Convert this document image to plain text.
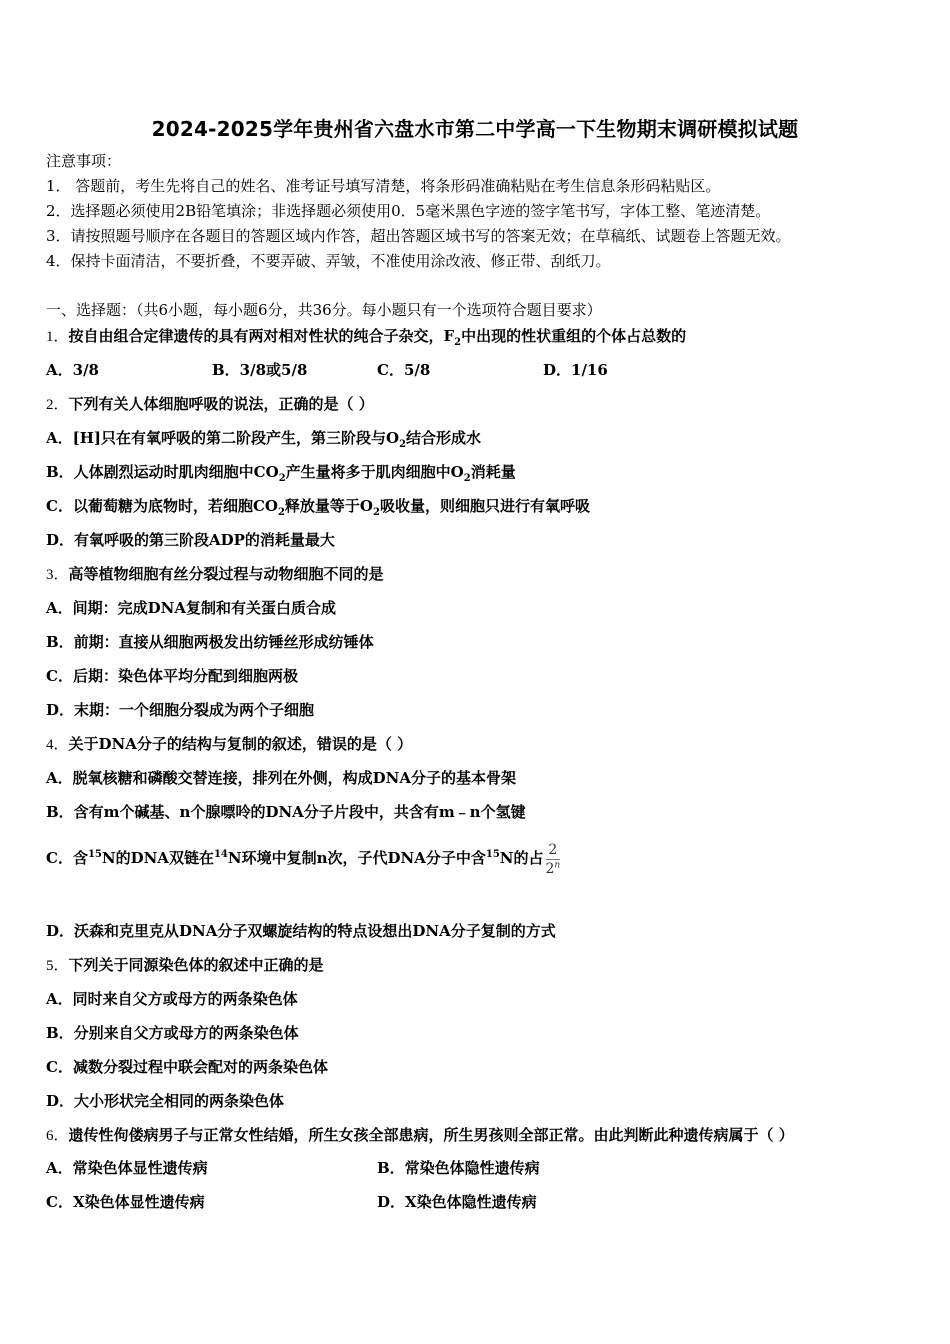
2024-2025学年贵州省六盘水市第二中学高一下生物期末调研模拟试题
注意事项：
1． 答题前，考生先将自己的姓名、准考证号填写清楚，将条形码准确粘贴在考生信息条形码粘贴区。
2．选择题必须使用2B铅笔填涂；非选择题必须使用0．5毫米黑色字迹的签字笔书写，字体工整、笔迹清楚。
3．请按照题号顺序在各题目的答题区域内作答，超出答题区域书写的答案无效；在草稿纸、试题卷上答题无效。
4．保持卡面清洁，不要折叠，不要弄破、弄皱，不准使用涂改液、修正带、刮纸刀。
一、选择题：（共6小题，每小题6分，共36分。每小题只有一个选项符合题目要求）
1．按自由组合定律遗传的具有两对相对性状的纯合子杂交，$F_2$中出现的性状重组的个体占总数的
A．3/8	B．3/8或5/8	C．5/8	D．1/16
2．下列有关人体细胞呼吸的说法，正确的是（ ）
A．[H]只在有氧呼吸的第二阶段产生，第三阶段与$O_2$结合形成水
B．人体剧烈运动时肌肉细胞中$CO_2$产生量将多于肌肉细胞中$O_2$消耗量
C．以葡萄糖为底物时，若细胞$CO_2$释放量等于$O_2$吸收量，则细胞只进行有氧呼吸
D．有氧呼吸的第三阶段ADP的消耗量最大
3．高等植物细胞有丝分裂过程与动物细胞不同的是
A．间期：完成DNA复制和有关蛋白质合成
B．前期：直接从细胞两极发出纺锤丝形成纺锤体
C．后期：染色体平均分配到细胞两极
D．末期：一个细胞分裂成为两个子细胞
4．关于DNA分子的结构与复制的叙述，错误的是（ ）
A．脱氧核糖和磷酸交替连接，排列在外侧，构成DNA分子的基本骨架
B．含有m个碱基、n个腺嘌呤的DNA分子片段中，共含有m﹣n个氢键
C．含$^{15}$N的DNA双链在$^{14}$N环境中复制n次，子代DNA分子中含$^{15}$N的占 $\frac{2}{2^n}$
D．沃森和克里克从DNA分子双螺旋结构的特点设想出DNA分子复制的方式
5．下列关于同源染色体的叙述中正确的是
A．同时来自父方或母方的两条染色体
B．分别来自父方或母方的两条染色体
C．减数分裂过程中联会配对的两条染色体
D．大小形状完全相同的两条染色体
6．遗传性佝偻病男子与正常女性结婚，所生女孩全部患病，所生男孩则全部正常。由此判断此种遗传病属于（ ）
A．常染色体显性遗传病	B．常染色体隐性遗传病
C．X染色体显性遗传病	D．X染色体隐性遗传病
